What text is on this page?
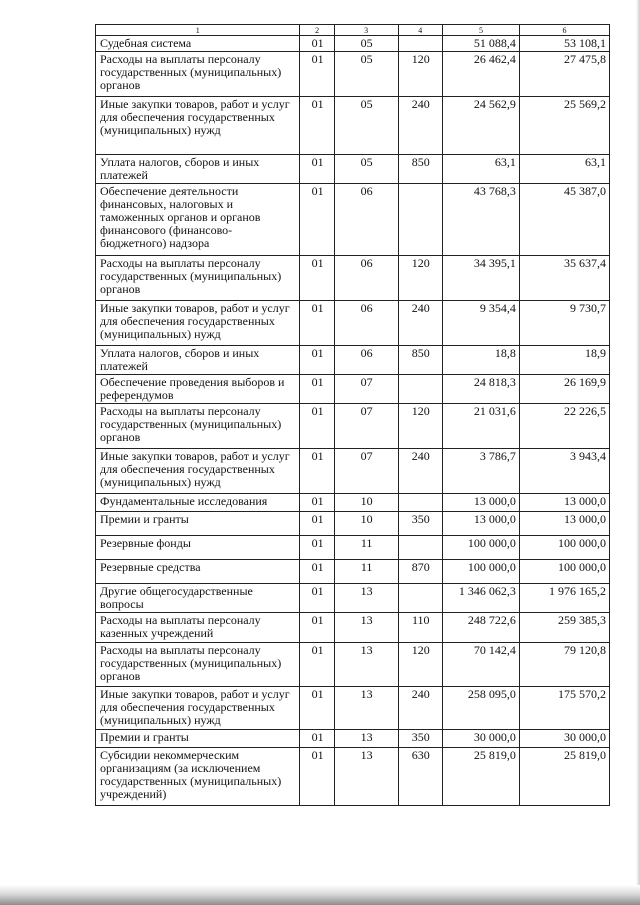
1	2	3	4	5	6
Судебная система	01	05		51 088,4	53 108,1
Расходы на выплаты персоналу государственных (муниципальных) органов	01	05	120	26 462,4	27 475,8
Иные закупки товаров, работ и услуг для обеспечения государственных (муниципальных) нужд	01	05	240	24 562,9	25 569,2
Уплата налогов, сборов и иных платежей	01	05	850	63,1	63,1
Обеспечение деятельности финансовых, налоговых и таможенных органов и органов финансового (финансово-бюджетного) надзора	01	06		43 768,3	45 387,0
Расходы на выплаты персоналу государственных (муниципальных) органов	01	06	120	34 395,1	35 637,4
Иные закупки товаров, работ и услуг для обеспечения государственных (муниципальных) нужд	01	06	240	9 354,4	9 730,7
Уплата налогов, сборов и иных платежей	01	06	850	18,8	18,9
Обеспечение проведения выборов и референдумов	01	07		24 818,3	26 169,9
Расходы на выплаты персоналу государственных (муниципальных) органов	01	07	120	21 031,6	22 226,5
Иные закупки товаров, работ и услуг для обеспечения государственных (муниципальных) нужд	01	07	240	3 786,7	3 943,4
Фундаментальные исследования	01	10		13 000,0	13 000,0
Премии и гранты	01	10	350	13 000,0	13 000,0
Резервные фонды	01	11		100 000,0	100 000,0
Резервные средства	01	11	870	100 000,0	100 000,0
Другие общегосударственные вопросы	01	13		1 346 062,3	1 976 165,2
Расходы на выплаты персоналу казенных учреждений	01	13	110	248 722,6	259 385,3
Расходы на выплаты персоналу государственных (муниципальных) органов	01	13	120	70 142,4	79 120,8
Иные закупки товаров, работ и услуг для обеспечения государственных (муниципальных) нужд	01	13	240	258 095,0	175 570,2
Премии и гранты	01	13	350	30 000,0	30 000,0
Субсидии некоммерческим организациям (за исключением государственных (муниципальных) учреждений)	01	13	630	25 819,0	25 819,0
